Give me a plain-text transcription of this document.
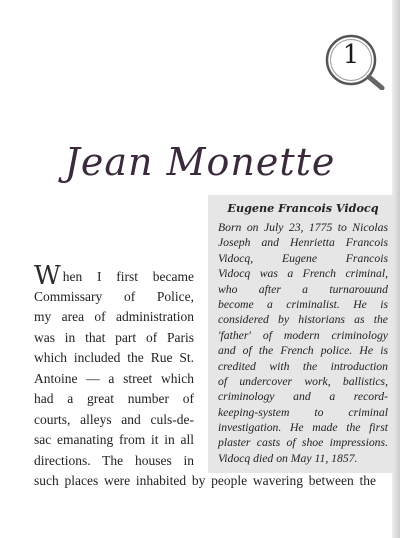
1
Jean Monette
Eugene Francois Vidocq
Born on July 23, 1775 to Nicolas
Joseph and Henrietta Francois
Vidocq, Eugene Francois
Vidocq was a French criminal,
who after a turnarouund
become a criminalist. He is
considered by historians as the
'father' of modern criminology
and of the French police. He is
credited with the introduction
of undercover work, ballistics,
criminology and a record-
keeping-system to criminal
investigation. He made the first
plaster casts of shoe impressions.
Vidocq died on May 11, 1857.
When I first became
Commissary of Police,
my area of administration
was in that part of Paris
which included the Rue St.
Antoine — a street which
had a great number of
courts, alleys and culs-de-
sac emanating from it in all
directions. The houses in
such places were inhabited by people wavering between the
